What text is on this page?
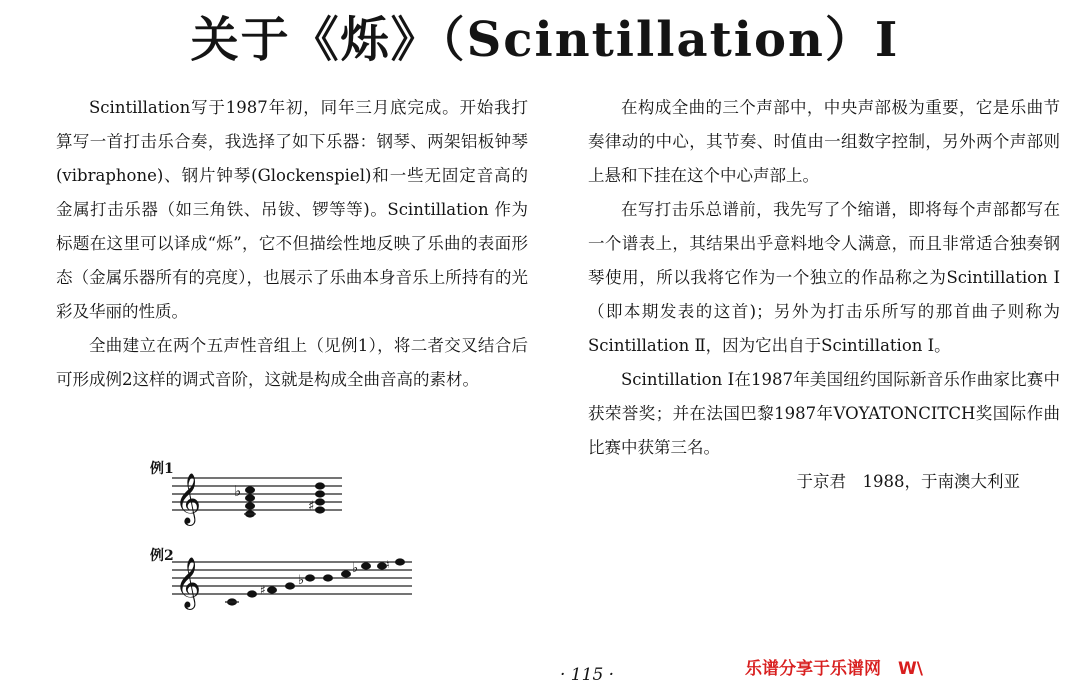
关于《烁》（Scintillation）Ⅰ

Scintillation写于1987年初，同年三月底完成。开始我打算写一首打击乐合奏，我选择了如下乐器：钢琴、两架铝板钟琴(vibraphone)、钢片钟琴(Glockenspiel)和一些无固定音高的金属打击乐器（如三角铁、吊钹、锣等等)。Scintillation 作为标题在这里可以译成“烁”，它不但描绘性地反映了乐曲的表面形态（金属乐器所有的亮度），也展示了乐曲本身音乐上所持有的光彩及华丽的性质。

全曲建立在两个五声性音组上（见例1），将二者交叉结合后可形成例2这样的调式音阶，这就是构成全曲音高的素材。

例1
𝄞 ♭
♯
例2
𝄞	♯
♭
♭	♮

在构成全曲的三个声部中，中央声部极为重要，它是乐曲节奏律动的中心，其节奏、时值由一组数字控制，另外两个声部则上悬和下挂在这个中心声部上。

在写打击乐总谱前，我先写了个缩谱，即将每个声部都写在一个谱表上，其结果出乎意料地令人满意，而且非常适合独奏钢琴使用，所以我将它作为一个独立的作品称之为Scintillation Ⅰ（即本期发表的这首)；另外为打击乐所写的那首曲子则称为Scintillation Ⅱ，因为它出自于Scintillation Ⅰ。

Scintillation Ⅰ在1987年美国纽约国际新音乐作曲家比赛中获荣誉奖；并在法国巴黎1987年VOYATONCITCH奖国际作曲比赛中获第三名。

于京君　1988，于南澳大利亚

· 115 ·	乐谱分享于乐谱网　W\
